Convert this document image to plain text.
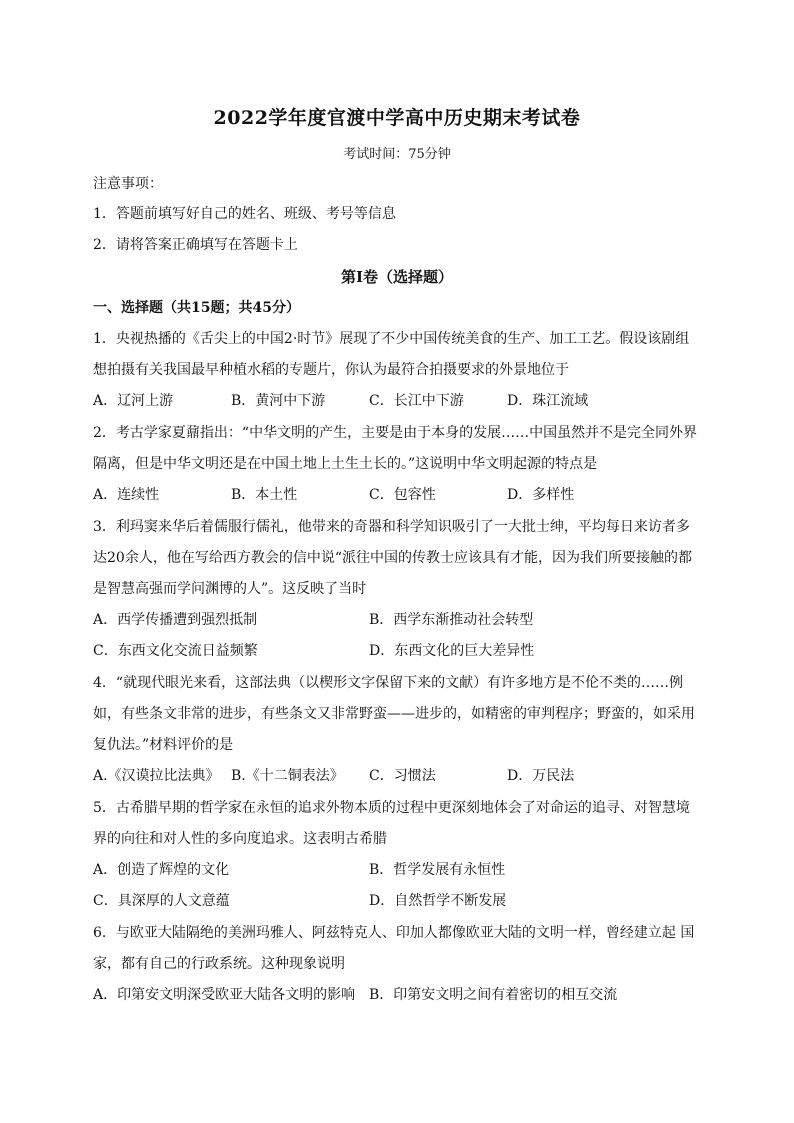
2022学年度官渡中学高中历史期末考试卷
考试时间：75分钟
注意事项：
1．答题前填写好自己的姓名、班级、考号等信息
2．请将答案正确填写在答题卡上
第I卷（选择题）
一、选择题（共15题；共45分）
1．央视热播的《舌尖上的中国2·时节》展现了不少中国传统美食的生产、加工工艺。假设该剧组
想拍摄有关我国最早种植水稻的专题片，你认为最符合拍摄要求的外景地位于
A．辽河上游	B．黄河中下游	C．长江中下游	D．珠江流域
2．考古学家夏鼐指出：“中华文明的产生，主要是由于本身的发展……中国虽然并不是完全同外界
隔离，但是中华文明还是在中国土地上土生土长的。”这说明中华文明起源的特点是
A．连续性	B．本土性	C．包容性	D．多样性
3．利玛窦来华后着儒服行儒礼，他带来的奇器和科学知识吸引了一大批士绅，平均每日来访者多
达20余人，他在写给西方教会的信中说“派往中国的传教士应该具有才能，因为我们所要接触的都
是智慧高强而学问渊博的人”。这反映了当时
A．西学传播遭到强烈抵制	B．西学东渐推动社会转型
C．东西文化交流日益频繁	D．东西文化的巨大差异性
4．“就现代眼光来看，这部法典（以楔形文字保留下来的文献）有许多地方是不伦不类的……例
如，有些条文非常的进步，有些条文又非常野蛮——进步的，如精密的审判程序；野蛮的，如采用
复仇法。”材料评价的是
A.《汉谟拉比法典》 B.《十二铜表法》 C．习惯法	D．万民法
5．古希腊早期的哲学家在永恒的追求外物本质的过程中更深刻地体会了对命运的追寻、对智慧境
界的向往和对人性的多向度追求。这表明古希腊
A．创造了辉煌的文化	B．哲学发展有永恒性
C．具深厚的人文意蕴	D．自然哲学不断发展
6．与欧亚大陆隔绝的美洲玛雅人、阿兹特克人、印加人都像欧亚大陆的文明一样，曾经建立起 国
家，都有自己的行政系统。这种现象说明
A．印第安文明深受欧亚大陆各文明的影响 B．印第安文明之间有着密切的相互交流
